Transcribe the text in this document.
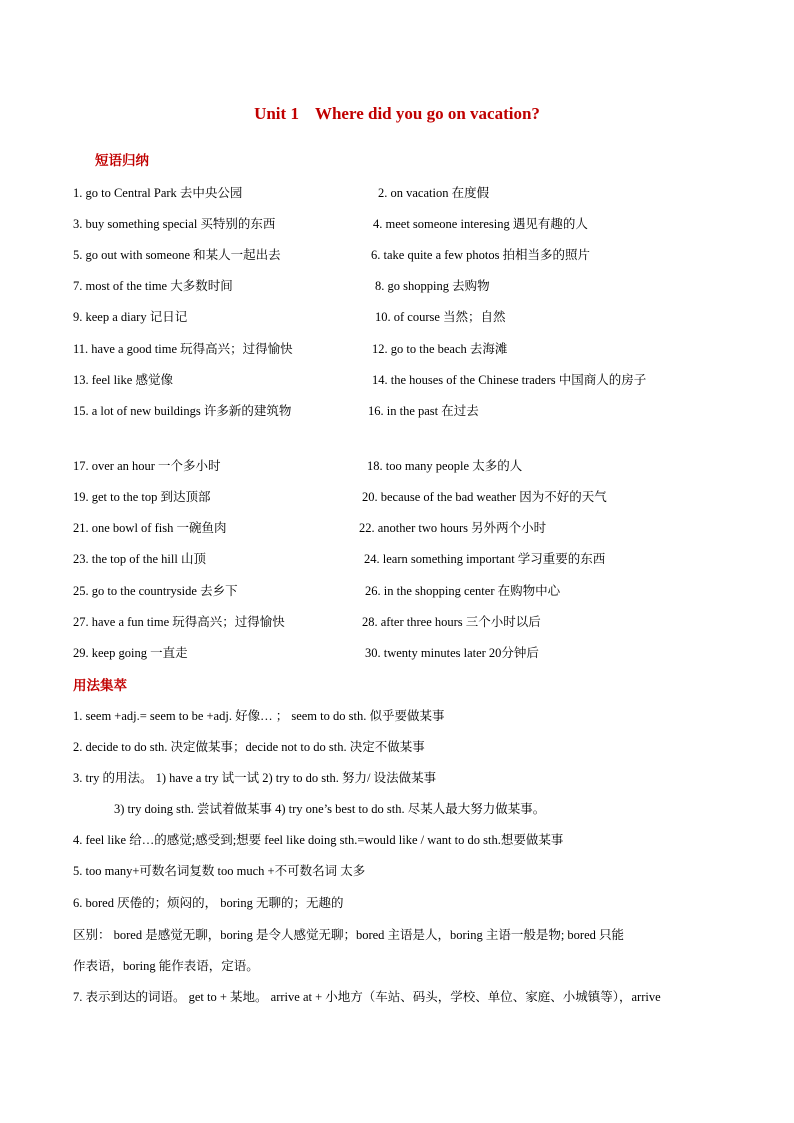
Unit 1 Where did you go on vacation?
短语归纳
1. go to Central Park 去中央公园	2. on vacation 在度假
3. buy something special 买特别的东西	4. meet someone interesing 遇见有趣的人
5. go out with someone 和某人一起出去	6. take quite a few photos 拍相当多的照片
7. most of the time 大多数时间	8. go shopping 去购物
9. keep a diary 记日记	10. of course 当然；自然
11. have a good time 玩得高兴；过得愉快	12. go to the beach 去海滩
13. feel like 感觉像	14. the houses of the Chinese traders 中国商人的房子
15. a lot of new buildings 许多新的建筑物	16. in the past 在过去
17. over an hour 一个多小时	18. too many people 太多的人
19. get to the top 到达顶部	20. because of the bad weather 因为不好的天气
21. one bowl of fish 一碗鱼肉	22. another two hours 另外两个小时
23. the top of the hill 山顶	24. learn something important 学习重要的东西
25. go to the countryside 去乡下	26. in the shopping center 在购物中心
27. have a fun time 玩得高兴；过得愉快	28. after three hours 三个小时以后
29. keep going 一直走	30. twenty minutes later 20分钟后
用法集萃
1. seem +adj.= seem to be +adj. 好像… ； seem to do sth. 似乎要做某事
2. decide to do sth. 决定做某事；decide not to do sth. 决定不做某事
3. try 的用法。 1) have a try 试一试 2) try to do sth. 努力/ 设法做某事
3) try doing sth. 尝试着做某事 4) try one’s best to do sth. 尽某人最大努力做某事。
4. feel like 给…的感觉;感受到;想要 feel like doing sth.=would like / want to do sth.想要做某事
5. too many+可数名词复数 too much +不可数名词 太多
6. bored 厌倦的；烦闷的， boring 无聊的；无趣的
区别： bored 是感觉无聊，boring 是令人感觉无聊；bored 主语是人，boring 主语一般是物; bored 只能
作表语，boring 能作表语，定语。
7. 表示到达的词语。 get to + 某地。 arrive at + 小地方（车站、码头，学校、单位、家庭、小城镇等），arrive
